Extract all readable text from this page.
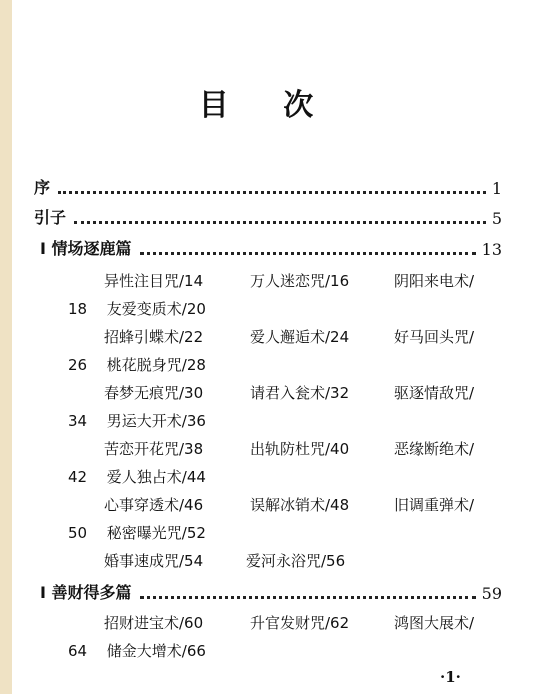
目 次
序	1
引子	5
I 情场逐鹿篇	13
异性注目咒/14	万人迷恋咒/16	阴阳来电术/
18 友爱变质术/20
招蜂引蝶术/22	爱人邂逅术/24	好马回头咒/
26 桃花脱身咒/28
春梦无痕咒/30	请君入瓮术/32	驱逐情敌咒/
34 男运大开术/36
苦恋开花咒/38	出轨防杜咒/40	恶缘断绝术/
42 爱人独占术/44
心事穿透术/46	误解冰销术/48	旧调重弹术/
50 秘密曝光咒/52
婚事速成咒/54	爱河永浴咒/56
I 善财得多篇	59
招财进宝术/60	升官发财咒/62	鸿图大展术/
64 储金大增术/66
·1·
